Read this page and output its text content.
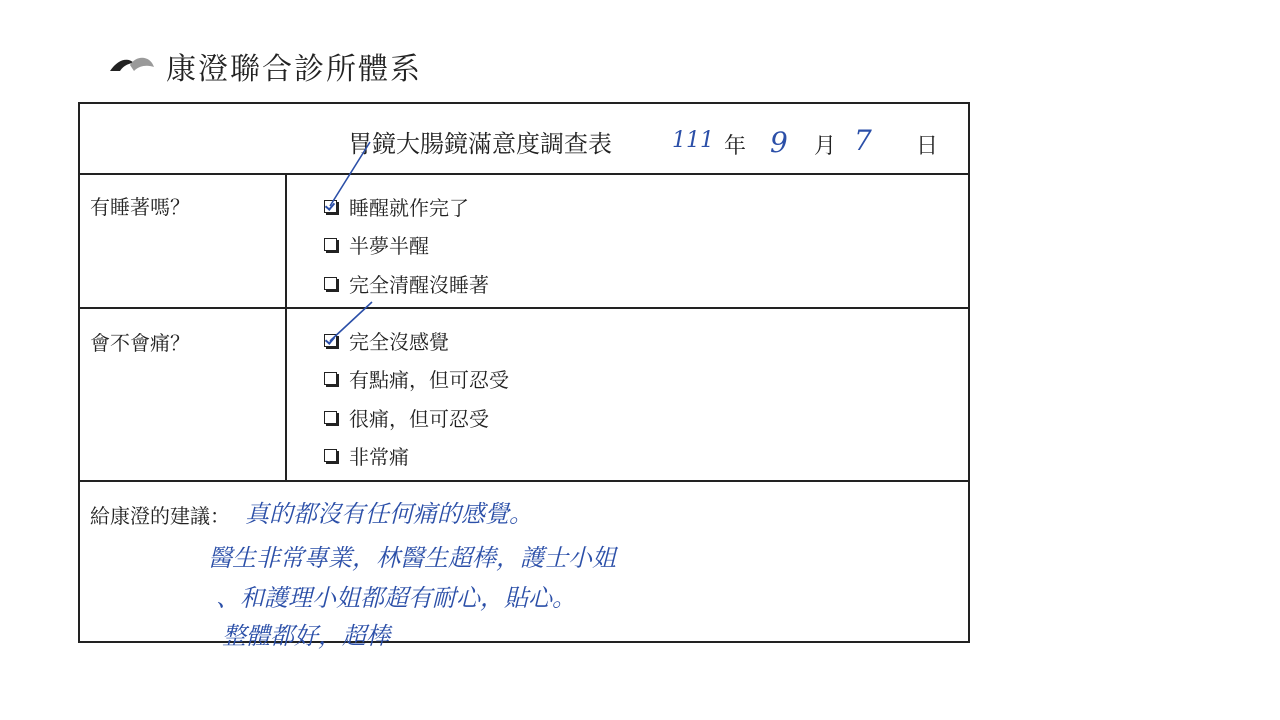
康澄聯合診所體系
胃鏡大腸鏡滿意度調查表	111 年 9 月 7 日
有睡著嗎？	睡醒就作完了
半夢半醒
完全清醒沒睡著
會不會痛？	完全沒感覺
有點痛，但可忍受
很痛，但可忍受
非常痛
給康澄的建議： 真的都沒有任何痛的感覺。
醫生非常專業，林醫生超棒，護士小姐
、和護理小姐都超有耐心，貼心。
整體都好，超棒
